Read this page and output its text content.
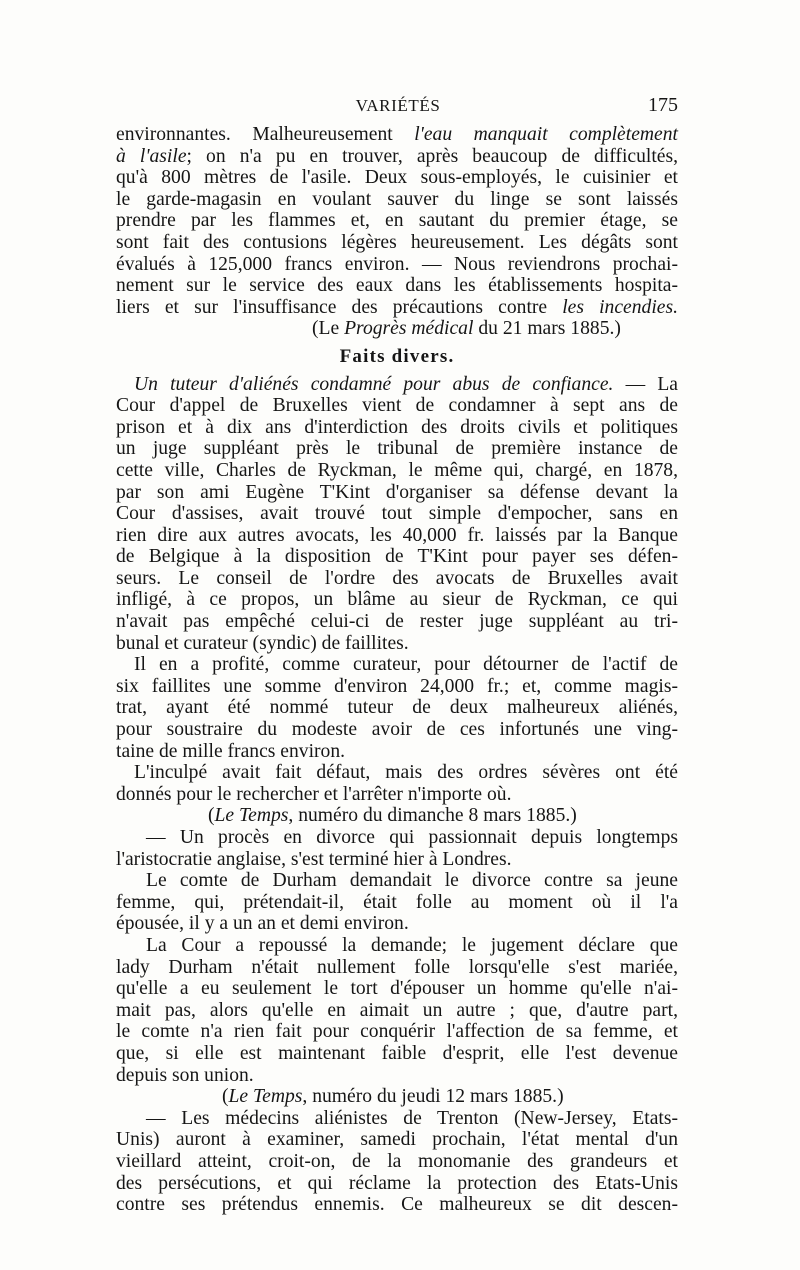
VARIÉTÉS	175
environnantes. Malheureusement l'eau manquait complètement
à l'asile; on n'a pu en trouver, après beaucoup de difficultés,
qu'à 800 mètres de l'asile. Deux sous-employés, le cuisinier et
le garde-magasin en voulant sauver du linge se sont laissés
prendre par les flammes et, en sautant du premier étage, se
sont fait des contusions légères heureusement. Les dégâts sont
évalués à 125,000 francs environ. — Nous reviendrons prochai-
nement sur le service des eaux dans les établissements hospita-
liers et sur l'insuffisance des précautions contre les incendies.
(Le Progrès médical du 21 mars 1885.)
Faits divers.
Un tuteur d'aliénés condamné pour abus de confiance. — La
Cour d'appel de Bruxelles vient de condamner à sept ans de
prison et à dix ans d'interdiction des droits civils et politiques
un juge suppléant près le tribunal de première instance de
cette ville, Charles de Ryckman, le même qui, chargé, en 1878,
par son ami Eugène T'Kint d'organiser sa défense devant la
Cour d'assises, avait trouvé tout simple d'empocher, sans en
rien dire aux autres avocats, les 40,000 fr. laissés par la Banque
de Belgique à la disposition de T'Kint pour payer ses défen-
seurs. Le conseil de l'ordre des avocats de Bruxelles avait
infligé, à ce propos, un blâme au sieur de Ryckman, ce qui
n'avait pas empêché celui-ci de rester juge suppléant au tri-
bunal et curateur (syndic) de faillites.
Il en a profité, comme curateur, pour détourner de l'actif de
six faillites une somme d'environ 24,000 fr.; et, comme magis-
trat, ayant été nommé tuteur de deux malheureux aliénés,
pour soustraire du modeste avoir de ces infortunés une ving-
taine de mille francs environ.
L'inculpé avait fait défaut, mais des ordres sévères ont été
donnés pour le rechercher et l'arrêter n'importe où.
(Le Temps, numéro du dimanche 8 mars 1885.)
— Un procès en divorce qui passionnait depuis longtemps
l'aristocratie anglaise, s'est terminé hier à Londres.
Le comte de Durham demandait le divorce contre sa jeune
femme, qui, prétendait-il, était folle au moment où il l'a
épousée, il y a un an et demi environ.
La Cour a repoussé la demande; le jugement déclare que
lady Durham n'était nullement folle lorsqu'elle s'est mariée,
qu'elle a eu seulement le tort d'épouser un homme qu'elle n'ai-
mait pas, alors qu'elle en aimait un autre ; que, d'autre part,
le comte n'a rien fait pour conquérir l'affection de sa femme, et
que, si elle est maintenant faible d'esprit, elle l'est devenue
depuis son union.
(Le Temps, numéro du jeudi 12 mars 1885.)
— Les médecins aliénistes de Trenton (New-Jersey, Etats-
Unis) auront à examiner, samedi prochain, l'état mental d'un
vieillard atteint, croit-on, de la monomanie des grandeurs et
des persécutions, et qui réclame la protection des Etats-Unis
contre ses prétendus ennemis. Ce malheureux se dit descen-
